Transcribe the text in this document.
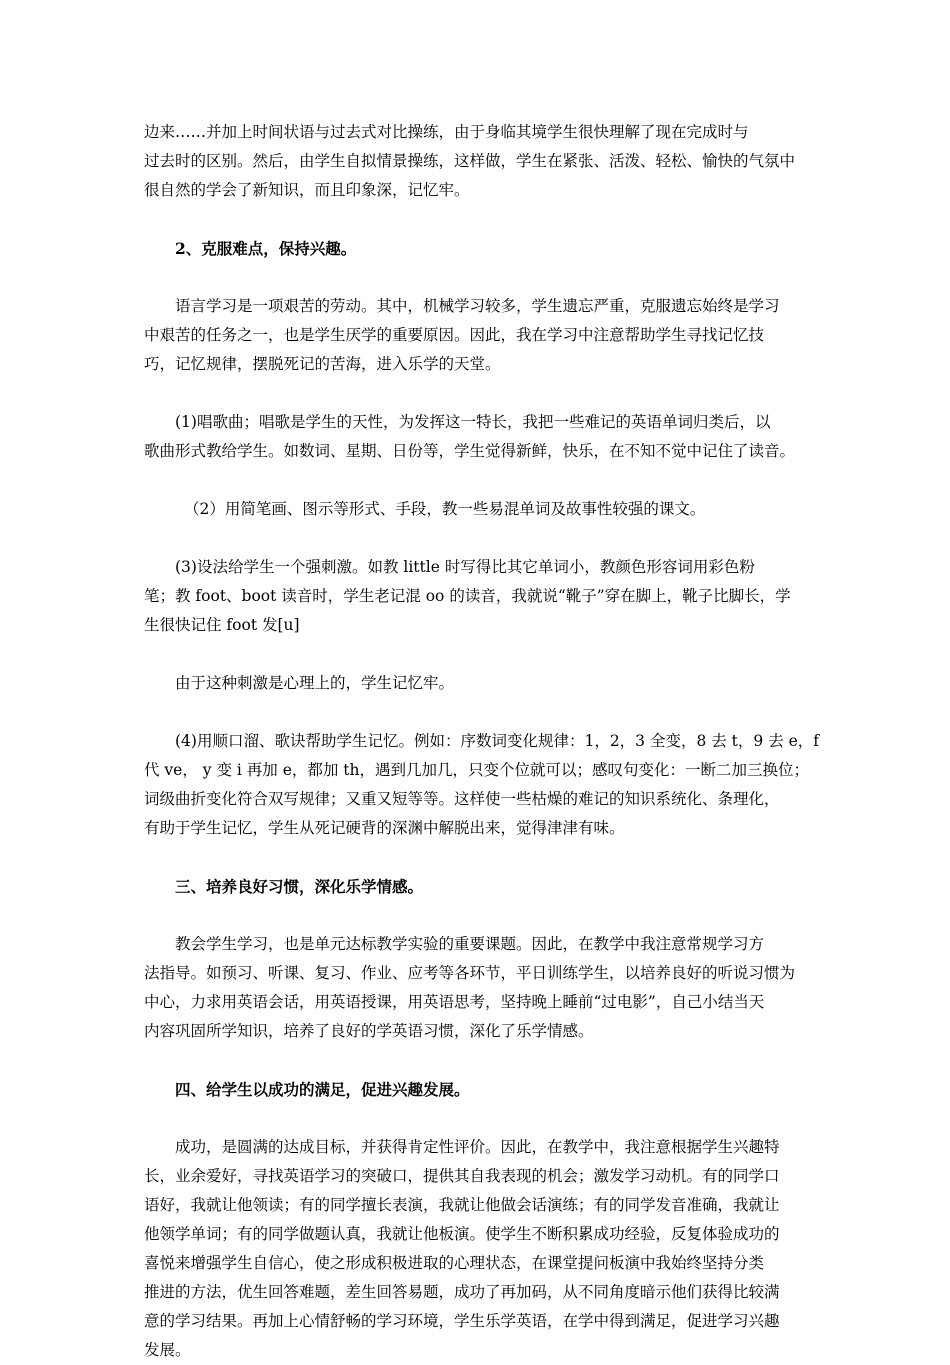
边来……并加上时间状语与过去式对比操练，由于身临其境学生很快理解了现在完成时与
过去时的区别。然后，由学生自拟情景操练，这样做，学生在紧张、活泼、轻松、愉快的气氛中
很自然的学会了新知识，而且印象深，记忆牢。
2、克服难点，保持兴趣。
语言学习是一项艰苦的劳动。其中，机械学习较多，学生遗忘严重，克服遗忘始终是学习
中艰苦的任务之一，也是学生厌学的重要原因。因此，我在学习中注意帮助学生寻找记忆技
巧，记忆规律，摆脱死记的苦海，进入乐学的天堂。
(1)唱歌曲；唱歌是学生的天性，为发挥这一特长，我把一些难记的英语单词归类后，以
歌曲形式教给学生。如数词、星期、日份等，学生觉得新鲜，快乐，在不知不觉中记住了读音。
（2）用简笔画、图示等形式、手段，教一些易混单词及故事性较强的课文。
(3)设法给学生一个强刺激。如教 little 时写得比其它单词小，教颜色形容词用彩色粉
笔；教 foot、boot 读音时，学生老记混 oo 的读音，我就说“靴子”穿在脚上，靴子比脚长，学
生很快记住 foot 发[u]
由于这种刺激是心理上的，学生记忆牢。
(4)用顺口溜、歌诀帮助学生记忆。例如：序数词变化规律：1，2，3 全变，8 去 t，9 去 e，f
代 ve， y 变 i 再加 e，都加 th，遇到几加几，只变个位就可以；感叹句变化：一断二加三换位；
词级曲折变化符合双写规律；又重又短等等。这样使一些枯燥的难记的知识系统化、条理化，
有助于学生记忆，学生从死记硬背的深渊中解脱出来，觉得津津有味。
三、培养良好习惯，深化乐学情感。
教会学生学习，也是单元达标教学实验的重要课题。因此，在教学中我注意常规学习方
法指导。如预习、听课、复习、作业、应考等各环节，平日训练学生，以培养良好的听说习惯为
中心，力求用英语会话，用英语授课，用英语思考，坚持晚上睡前“过电影”，自己小结当天
内容巩固所学知识，培养了良好的学英语习惯，深化了乐学情感。
四、给学生以成功的满足，促进兴趣发展。
成功，是圆满的达成目标，并获得肯定性评价。因此，在教学中，我注意根据学生兴趣特
长，业余爱好，寻找英语学习的突破口，提供其自我表现的机会；激发学习动机。有的同学口
语好，我就让他领读；有的同学擅长表演，我就让他做会话演练；有的同学发音准确，我就让
他领学单词；有的同学做题认真，我就让他板演。使学生不断积累成功经验，反复体验成功的
喜悦来增强学生自信心，使之形成积极进取的心理状态，在课堂提问板演中我始终坚持分类
推进的方法，优生回答难题，差生回答易题，成功了再加码，从不同角度暗示他们获得比较满
意的学习结果。再加上心情舒畅的学习环境，学生乐学英语，在学中得到满足，促进学习兴趣
发展。
